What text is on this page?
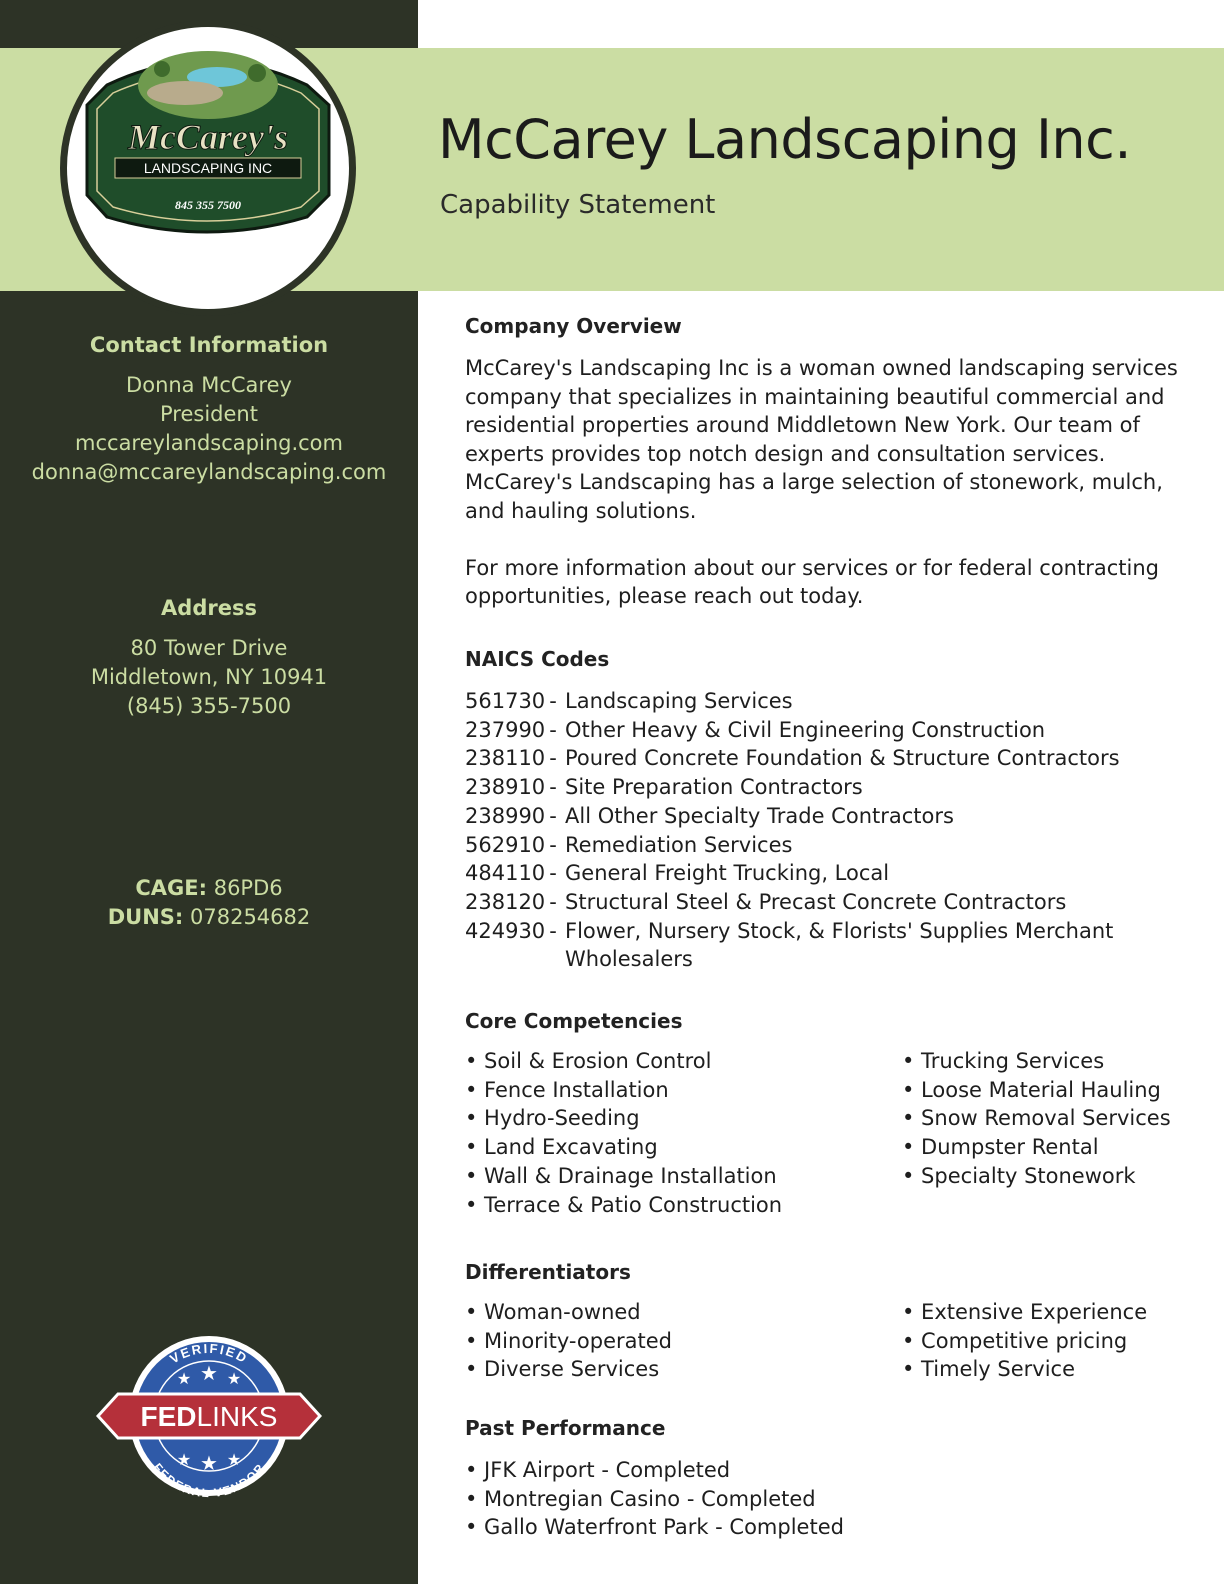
McCarey's
LANDSCAPING INC
845 355 7500
McCarey Landscaping Inc.
Capability Statement
Contact Information
Donna McCarey
President
mccareylandscaping.com
donna@mccareylandscaping.com
Address
80 Tower Drive
Middletown, NY 10941
(845) 355-7500
CAGE: 86PD6
DUNS: 078254682
VERIFIED
FEDERAL VENDOR
★ ★ ★
★ ★ ★
FEDLINKS
Company Overview

McCarey's Landscaping Inc is a woman owned landscaping services company that specializes in maintaining beautiful commercial and residential properties around Middletown New York. Our team of experts provides top notch design and consultation services. McCarey's Landscaping has a large selection of stonework, mulch, and hauling solutions.

For more information about our services or for federal contracting opportunities, please reach out today.

NAICS Codes
561730 - Landscaping Services
237990 - Other Heavy & Civil Engineering Construction
238110 - Poured Concrete Foundation & Structure Contractors
238910 - Site Preparation Contractors
238990 - All Other Specialty Trade Contractors
562910 - Remediation Services
484110 - General Freight Trucking, Local
238120 - Structural Steel & Precast Concrete Contractors
424930 - Flower, Nursery Stock, & Florists' Supplies Merchant Wholesalers
Core Competencies
• Soil & Erosion Control
• Fence Installation
• Hydro-Seeding
• Land Excavating
• Wall & Drainage Installation
• Terrace & Patio Construction
• Trucking Services
• Loose Material Hauling
• Snow Removal Services
• Dumpster Rental
• Specialty Stonework
Differentiators
• Woman-owned
• Minority-operated
• Diverse Services
• Extensive Experience
• Competitive pricing
• Timely Service
Past Performance
• JFK Airport - Completed
• Montregian Casino - Completed
• Gallo Waterfront Park - Completed
